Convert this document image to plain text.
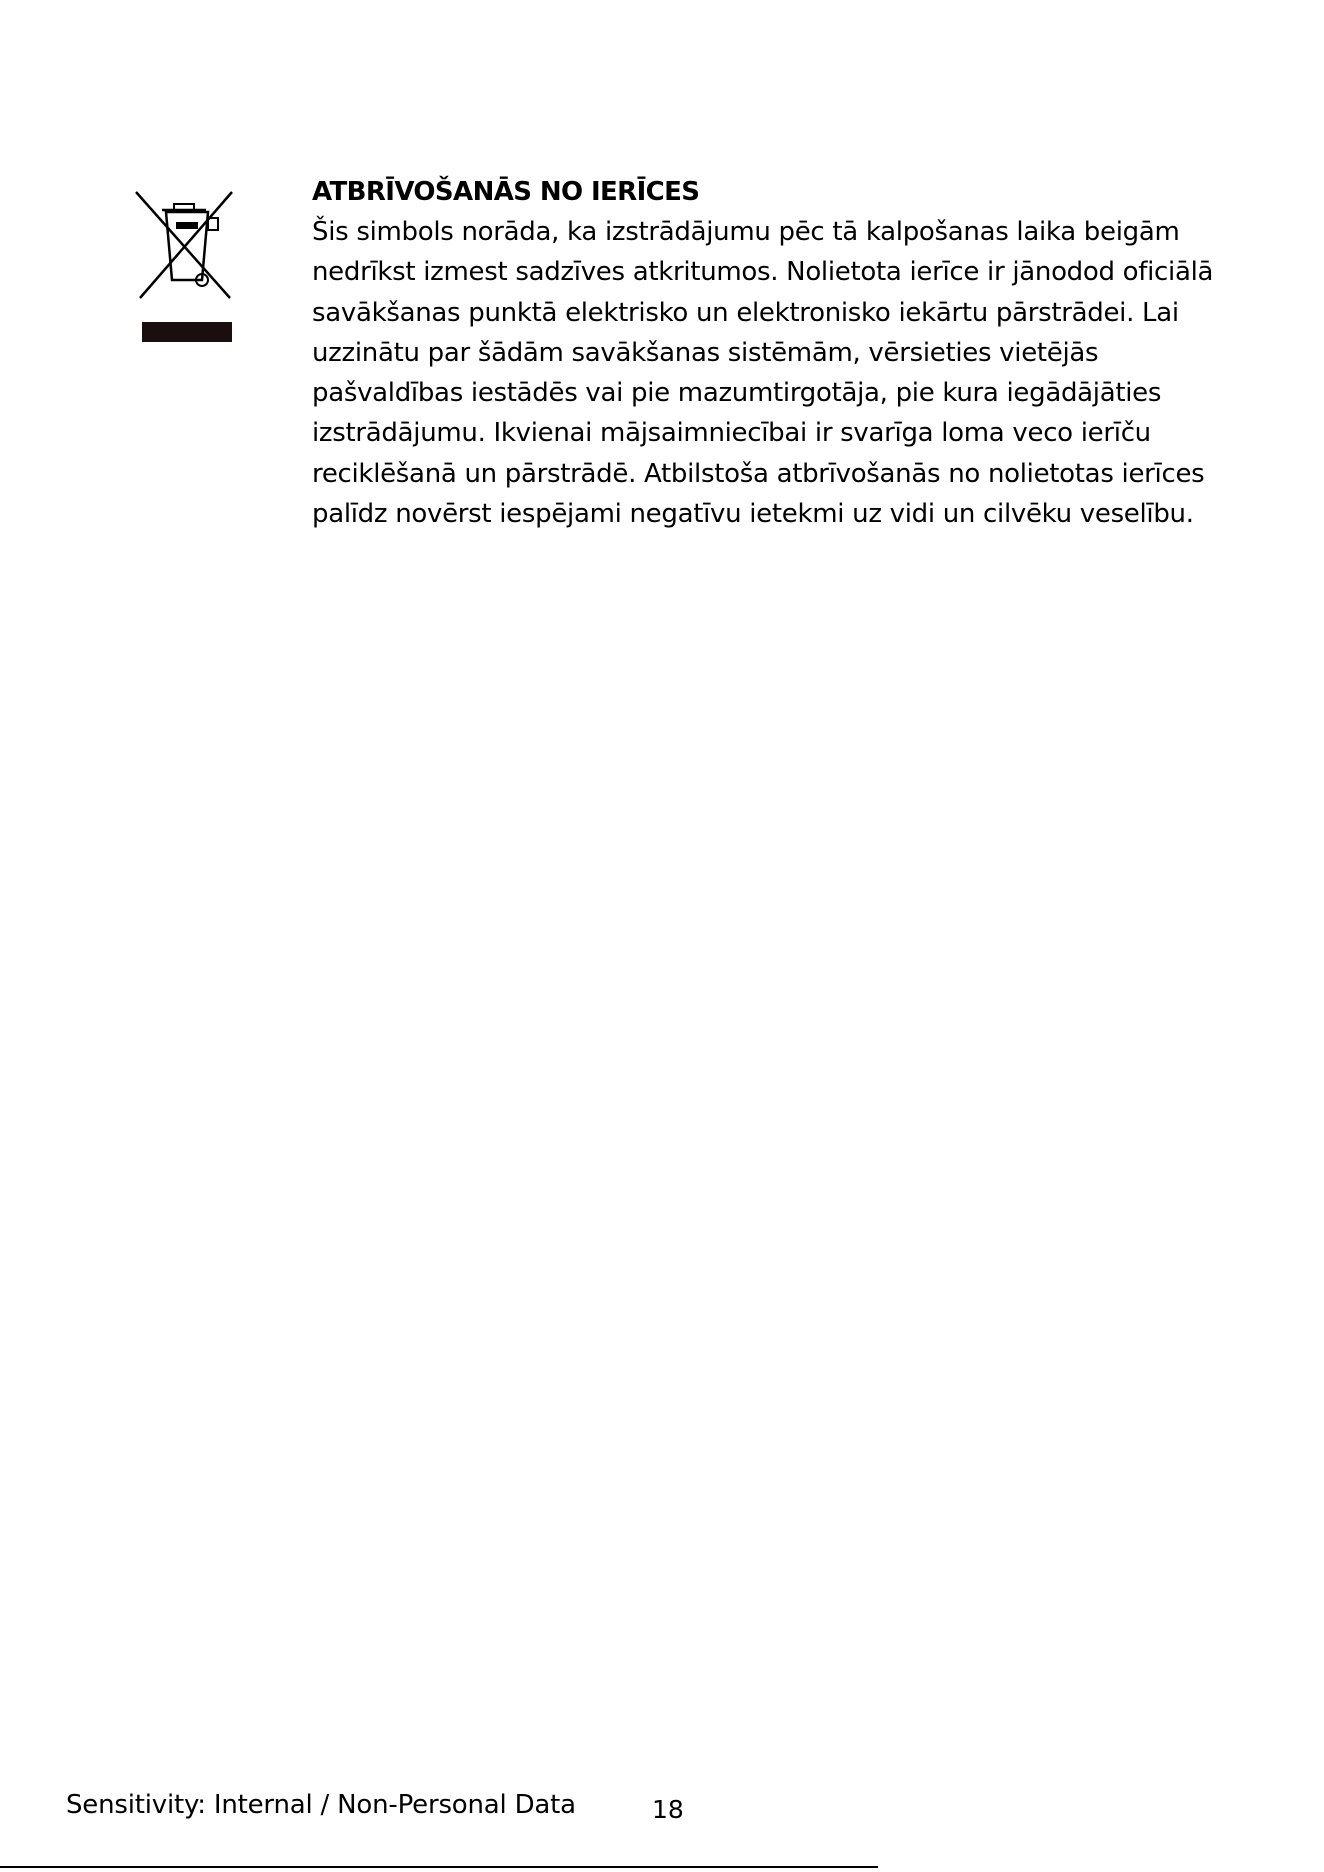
ATBRĪVOŠANĀS NO IERĪCES

Šis simbols norāda, ka izstrādājumu pēc tā kalpošanas laika beigām nedrīkst izmest sadzīves atkritumos. Nolietota ierīce ir jānodod oficiālā savākšanas punktā elektrisko un elektronisko iekārtu pārstrādei. Lai uzzinātu par šādām savākšanas sistēmām, vērsieties vietējās pašvaldības iestādēs vai pie mazumtirgotāja, pie kura iegādājāties izstrādājumu. Ikvienai mājsaimniecībai ir svarīga loma veco ierīču reciklēšanā un pārstrādē. Atbilstoša atbrīvošanās no nolietotas ierīces palīdz novērst iespējami negatīvu ietekmi uz vidi un cilvēku veselību.

Sensitivity: Internal / Non-Personal Data	18
